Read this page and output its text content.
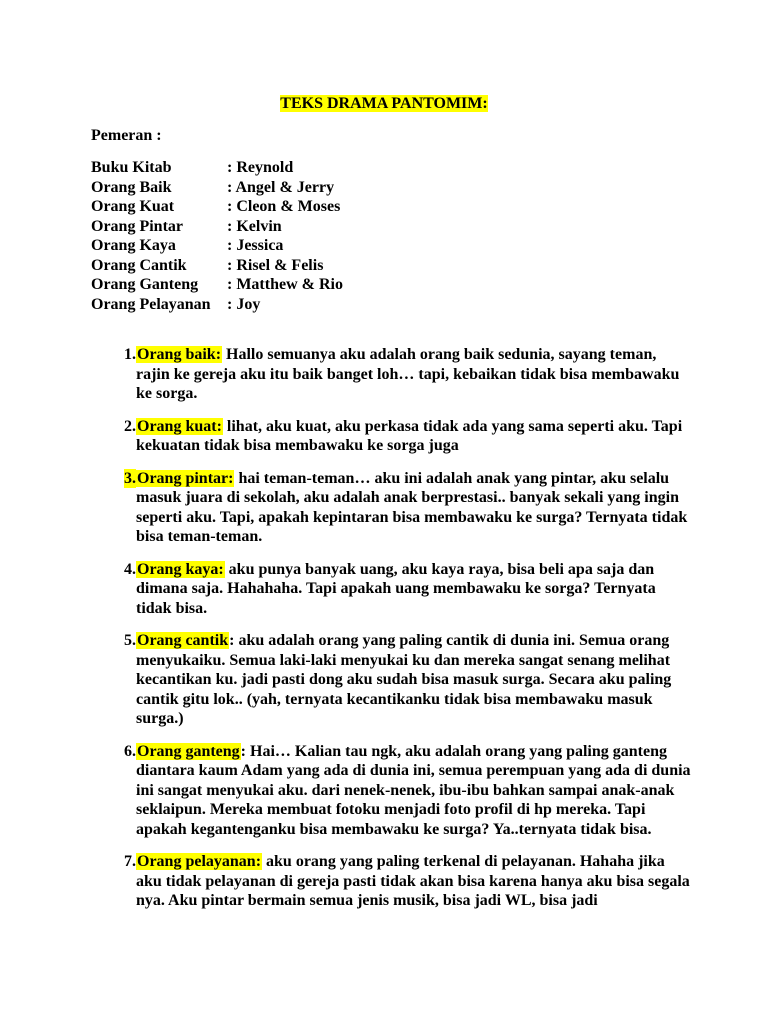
TEKS DRAMA PANTOMIM:
Pemeran :
Buku Kitab	: Reynold
Orang Baik	: Angel & Jerry
Orang Kuat	: Cleon & Moses
Orang Pintar	: Kelvin
Orang Kaya	: Jessica
Orang Cantik	: Risel & Felis
Orang Ganteng : Matthew & Rio
Orang Pelayanan : Joy
1. Orang baik: Hallo semuanya aku adalah orang baik sedunia, sayang teman, rajin ke gereja aku itu baik banget loh… tapi, kebaikan tidak bisa membawaku ke sorga.
2. Orang kuat: lihat, aku kuat, aku perkasa tidak ada yang sama seperti aku. Tapi kekuatan tidak bisa membawaku ke sorga juga
3. Orang pintar: hai teman-teman… aku ini adalah anak yang pintar, aku selalu masuk juara di sekolah, aku adalah anak berprestasi.. banyak sekali yang ingin seperti aku. Tapi, apakah kepintaran bisa membawaku ke surga? Ternyata tidak bisa teman-teman.
4. Orang kaya: aku punya banyak uang, aku kaya raya, bisa beli apa saja dan dimana saja. Hahahaha. Tapi apakah uang membawaku ke sorga? Ternyata tidak bisa.
5. Orang cantik: aku adalah orang yang paling cantik di dunia ini. Semua orang menyukaiku. Semua laki-laki menyukai ku dan mereka sangat senang melihat kecantikan ku. jadi pasti dong aku sudah bisa masuk surga. Secara aku paling cantik gitu lok.. (yah, ternyata kecantikanku tidak bisa membawaku masuk surga.)
6. Orang ganteng: Hai… Kalian tau ngk, aku adalah orang yang paling ganteng diantara kaum Adam yang ada di dunia ini, semua perempuan yang ada di dunia ini sangat menyukai aku. dari nenek-nenek, ibu-ibu bahkan sampai anak-anak seklaipun. Mereka membuat fotoku menjadi foto profil di hp mereka. Tapi apakah kegantenganku bisa membawaku ke surga? Ya..ternyata tidak bisa.
7. Orang pelayanan: aku orang yang paling terkenal di pelayanan. Hahaha jika aku tidak pelayanan di gereja pasti tidak akan bisa karena hanya aku bisa segala nya. Aku pintar bermain semua jenis musik, bisa jadi WL, bisa jadi
